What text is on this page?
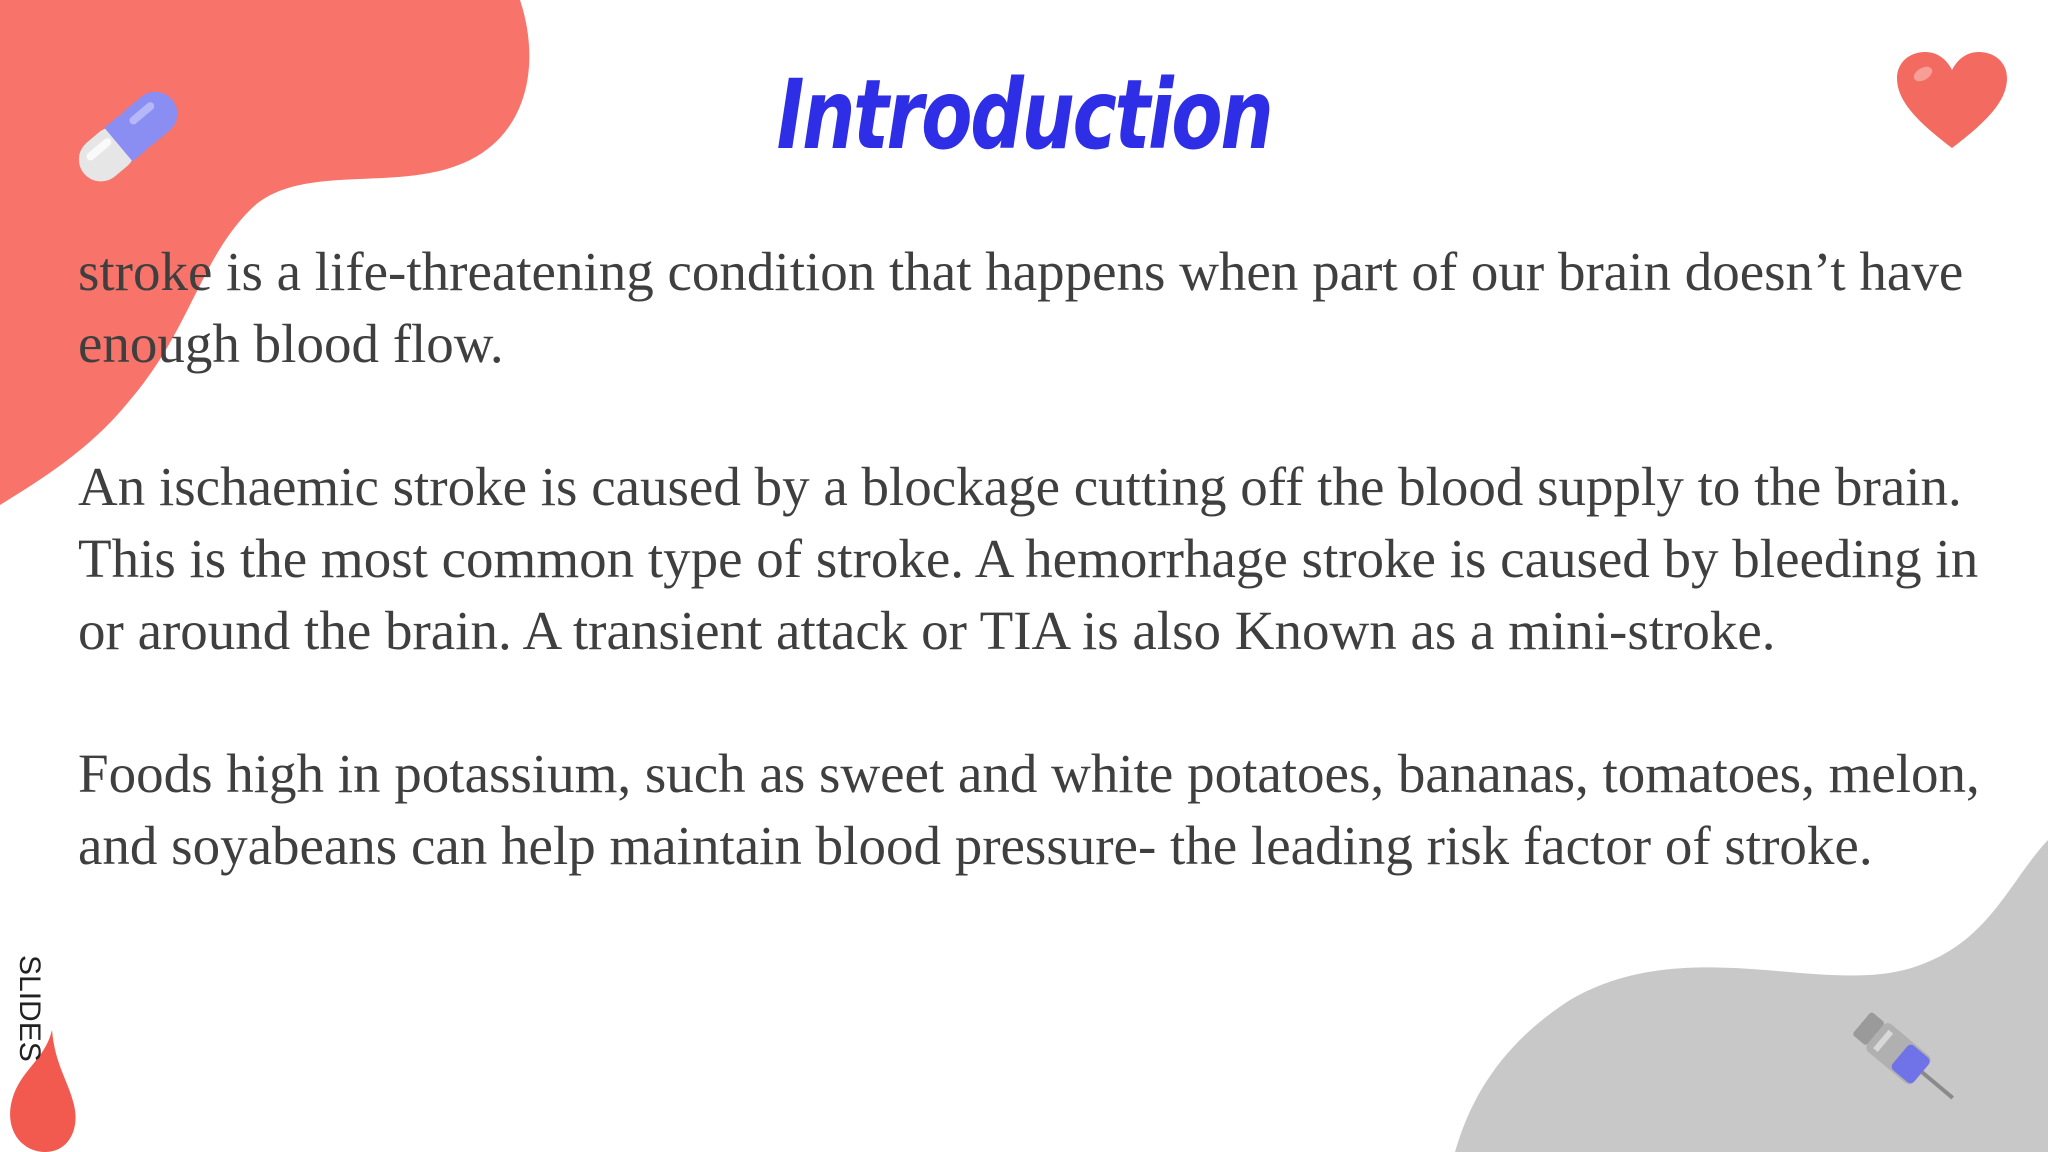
Introduction

stroke is a life-threatening condition that happens when part of our brain doesn’t have enough blood flow.

An ischaemic stroke is caused by a blockage cutting off the blood supply to the brain. This is the most common type of stroke. A hemorrhage stroke is caused by bleeding in or around the brain. A transient attack or TIA is also Known as a mini-stroke.

Foods high in potassium, such as sweet and white potatoes, bananas, tomatoes, melon, and soyabeans can help maintain blood pressure- the leading risk factor of stroke.

SLIDES
